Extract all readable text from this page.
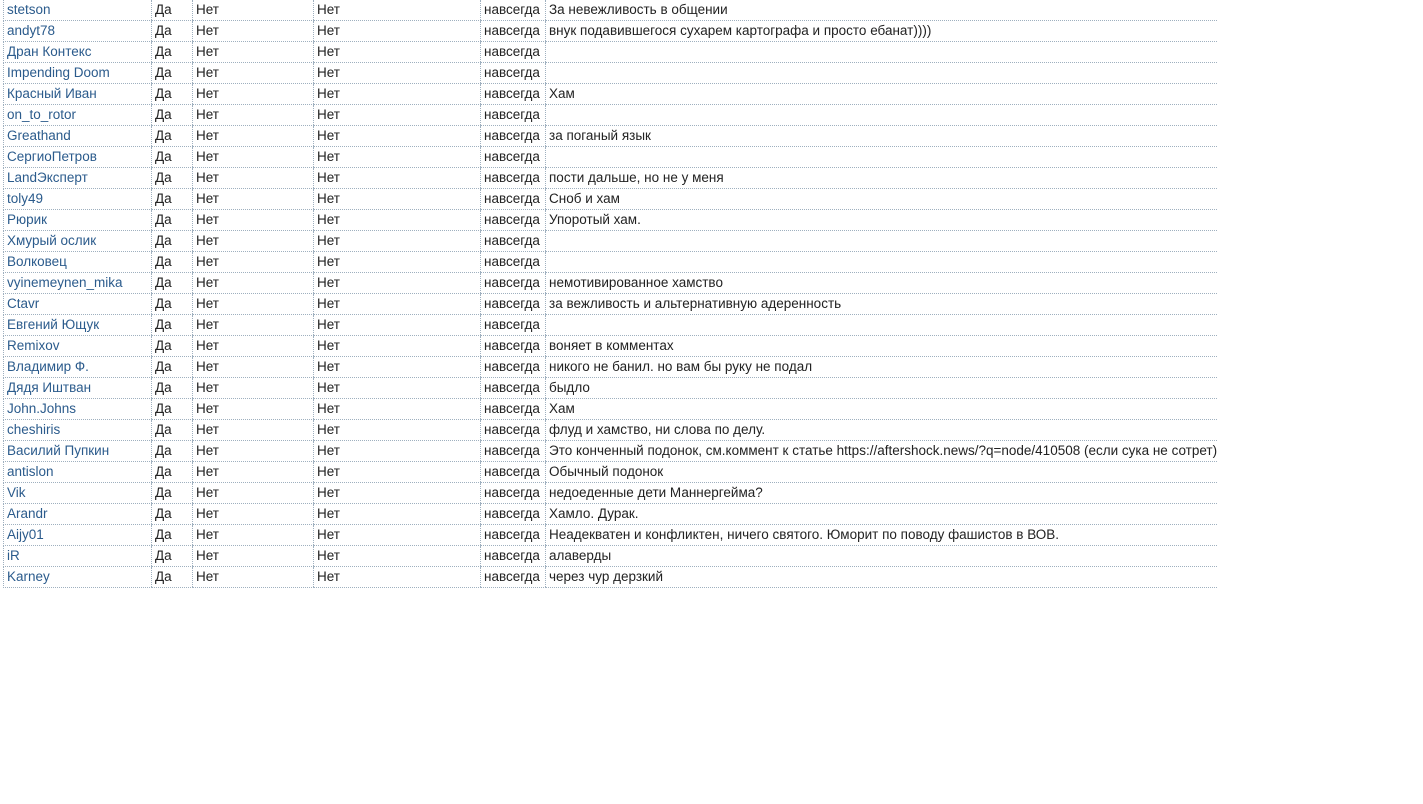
stetson	Да	Нет	Нет	навсегда	За невежливость в общении
andyt78	Да	Нет	Нет	навсегда	внук подавившегося сухарем картографа и просто ебанат))))
Дран Контекс	Да	Нет	Нет	навсегда	
Impending Doom	Да	Нет	Нет	навсегда	
Красный Иван	Да	Нет	Нет	навсегда	Хам
on_to_rotor	Да	Нет	Нет	навсегда	
Greathand	Да	Нет	Нет	навсегда	за поганый язык
СергиоПетров	Да	Нет	Нет	навсегда	
LandЭксперт	Да	Нет	Нет	навсегда	пости дальше, но не у меня
toly49	Да	Нет	Нет	навсегда	Сноб и хам
Рюрик	Да	Нет	Нет	навсегда	Упоротый хам.
Хмурый ослик	Да	Нет	Нет	навсегда	
Волковец	Да	Нет	Нет	навсегда	
vyinemeynen_mika	Да	Нет	Нет	навсегда	немотивированное хамство
Ctavr	Да	Нет	Нет	навсегда	за вежливость и альтернативную адеренность
Евгений Ющук	Да	Нет	Нет	навсегда	
Remixov	Да	Нет	Нет	навсегда	воняет в комментах
Владимир Ф.	Да	Нет	Нет	навсегда	никого не банил. но вам бы руку не подал
Дядя Иштван	Да	Нет	Нет	навсегда	быдло
John.Johns	Да	Нет	Нет	навсегда	Хам
cheshiris	Да	Нет	Нет	навсегда	флуд и хамство, ни слова по делу.
Василий Пупкин	Да	Нет	Нет	навсегда	Это конченный подонок, см.коммент к статье https://aftershock.news/?q=node/410508 (если сука не сотрет)
antislon	Да	Нет	Нет	навсегда	Обычный подонок
Vik	Да	Нет	Нет	навсегда	недоеденные дети Маннергейма?
Arandr	Да	Нет	Нет	навсегда	Хамло. Дурак.
Aijy01	Да	Нет	Нет	навсегда	Неадекватен и конфликтен, ничего святого. Юморит по поводу фашистов в ВОВ.
iR	Да	Нет	Нет	навсегда	алаверды
Karney	Да	Нет	Нет	навсегда	через чур дерзкий
